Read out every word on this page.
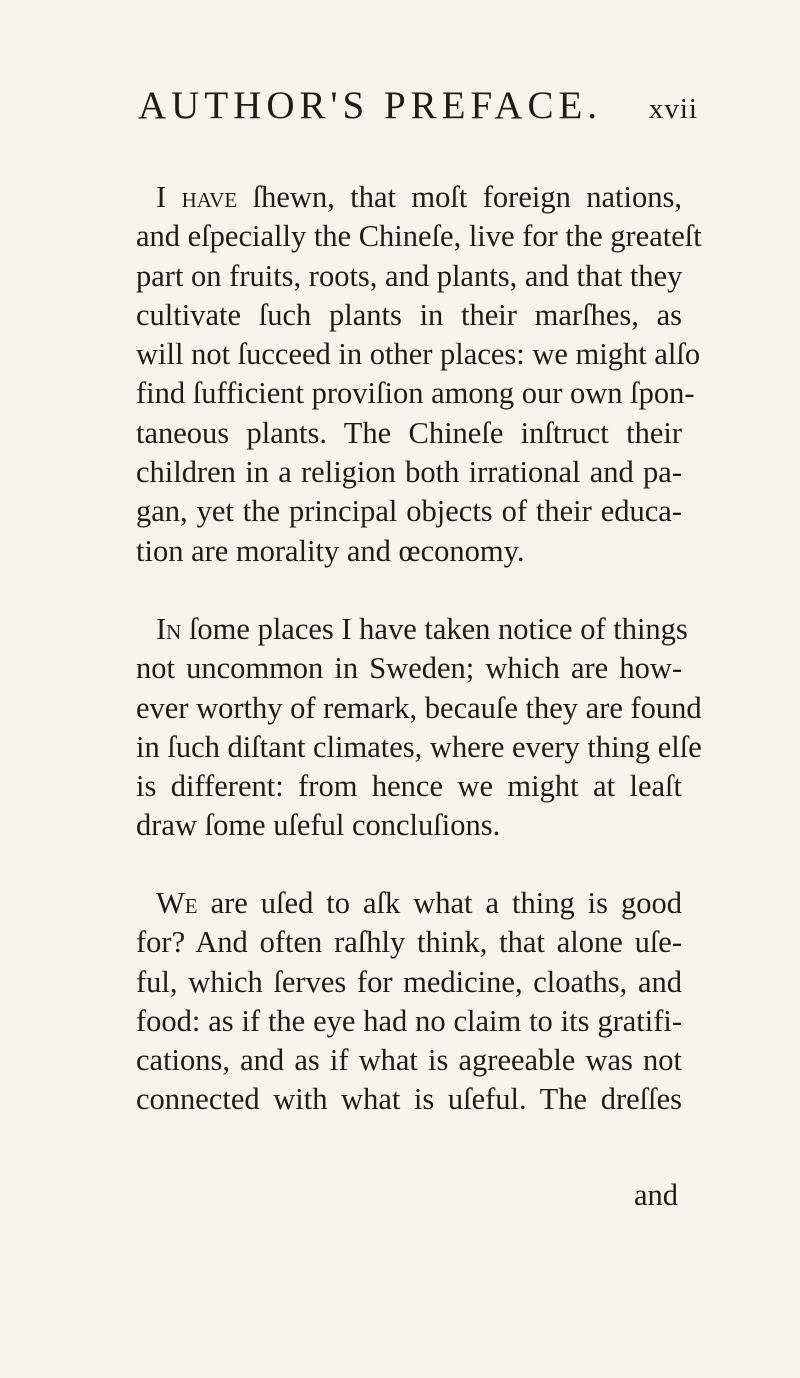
AUTHOR'S PREFACE. xvii
I have ſhewn, that moſt foreign nations,
and eſpecially the Chineſe, live for the greateſt
part on fruits, roots, and plants, and that they
cultivate ſuch plants in their marſhes, as
will not ſucceed in other places: we might alſo
find ſufficient proviſion among our own ſpon-
taneous plants. The Chineſe inſtruct their
children in a religion both irrational and pa-
gan, yet the principal objects of their educa-
tion are morality and œconomy.
In ſome places I have taken notice of things
not uncommon in Sweden; which are how-
ever worthy of remark, becauſe they are found
in ſuch diſtant climates, where every thing elſe
is different: from hence we might at leaſt
draw ſome uſeful concluſions.
We are uſed to aſk what a thing is good
for? And often raſhly think, that alone uſe-
ful, which ſerves for medicine, cloaths, and
food: as if the eye had no claim to its gratifi-
cations, and as if what is agreeable was not
connected with what is uſeful. The dreſſes
and
